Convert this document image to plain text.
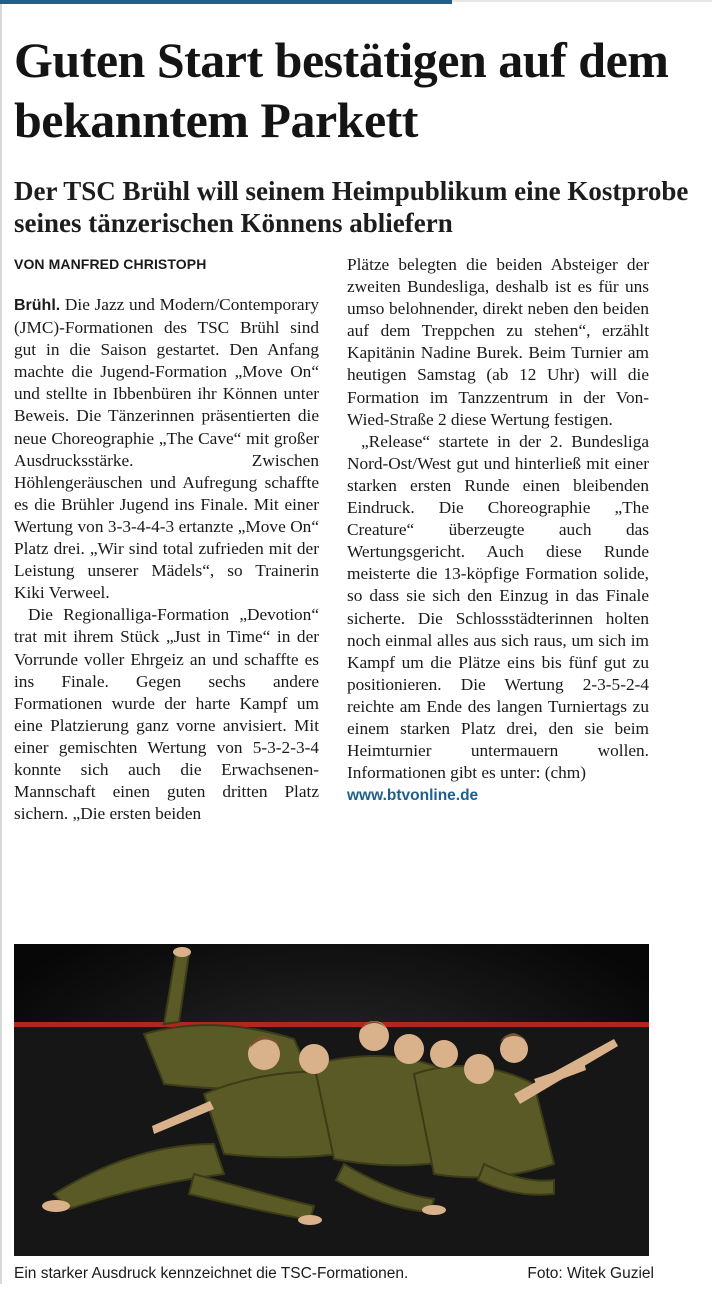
Guten Start bestätigen auf dem bekanntem Parkett
Der TSC Brühl will seinem Heimpublikum eine Kostprobe seines tänzerischen Könnens abliefern
VON MANFRED CHRISTOPH

Brühl. Die Jazz und Modern/Contemporary (JMC)-Formationen des TSC Brühl sind gut in die Saison gestartet. Den Anfang machte die Jugend-Formation „Move On“ und stellte in Ibbenbüren ihr Können unter Beweis. Die Tänzerinnen präsentierten die neue Choreographie „The Cave“ mit großer Ausdrucksstärke. Zwischen Höhlengeräuschen und Aufregung schaffte es die Brühler Jugend ins Finale. Mit einer Wertung von 3-3-4-4-3 ertanzte „Move On“ Platz drei. „Wir sind total zufrieden mit der Leistung unserer Mädels“, so Trainerin Kiki Verweel.

Die Regionalliga-Formation „Devotion“ trat mit ihrem Stück „Just in Time“ in der Vorrunde voller Ehrgeiz an und schaffte es ins Finale. Gegen sechs andere Formationen wurde der harte Kampf um eine Platzierung ganz vorne anvisiert. Mit einer gemischten Wertung von 5-3-2-3-4 konnte sich auch die Erwachsenen-Mannschaft einen guten dritten Platz sichern. „Die ersten beiden

Plätze belegten die beiden Absteiger der zweiten Bundesliga, deshalb ist es für uns umso belohnender, direkt neben den beiden auf dem Treppchen zu stehen“, erzählt Kapitänin Nadine Burek. Beim Turnier am heutigen Samstag (ab 12 Uhr) will die Formation im Tanzzentrum in der Von-Wied-Straße 2 diese Wertung festigen.

„Release“ startete in der 2. Bundesliga Nord-Ost/West gut und hinterließ mit einer starken ersten Runde einen bleibenden Eindruck. Die Choreographie „The Creature“ überzeugte auch das Wertungsgericht. Auch diese Runde meisterte die 13-köpfige Formation solide, so dass sie sich den Einzug in das Finale sicherte. Die Schlossstädterinnen holten noch einmal alles aus sich raus, um sich im Kampf um die Plätze eins bis fünf gut zu positionieren. Die Wertung 2-3-5-2-4 reichte am Ende des langen Turniertags zu einem starken Platz drei, den sie beim Heimturnier untermauern wollen. Informationen gibt es unter: (chm)

www.btvonline.de
Ein starker Ausdruck kennzeichnet die TSC-Formationen.	Foto: Witek Guziel
